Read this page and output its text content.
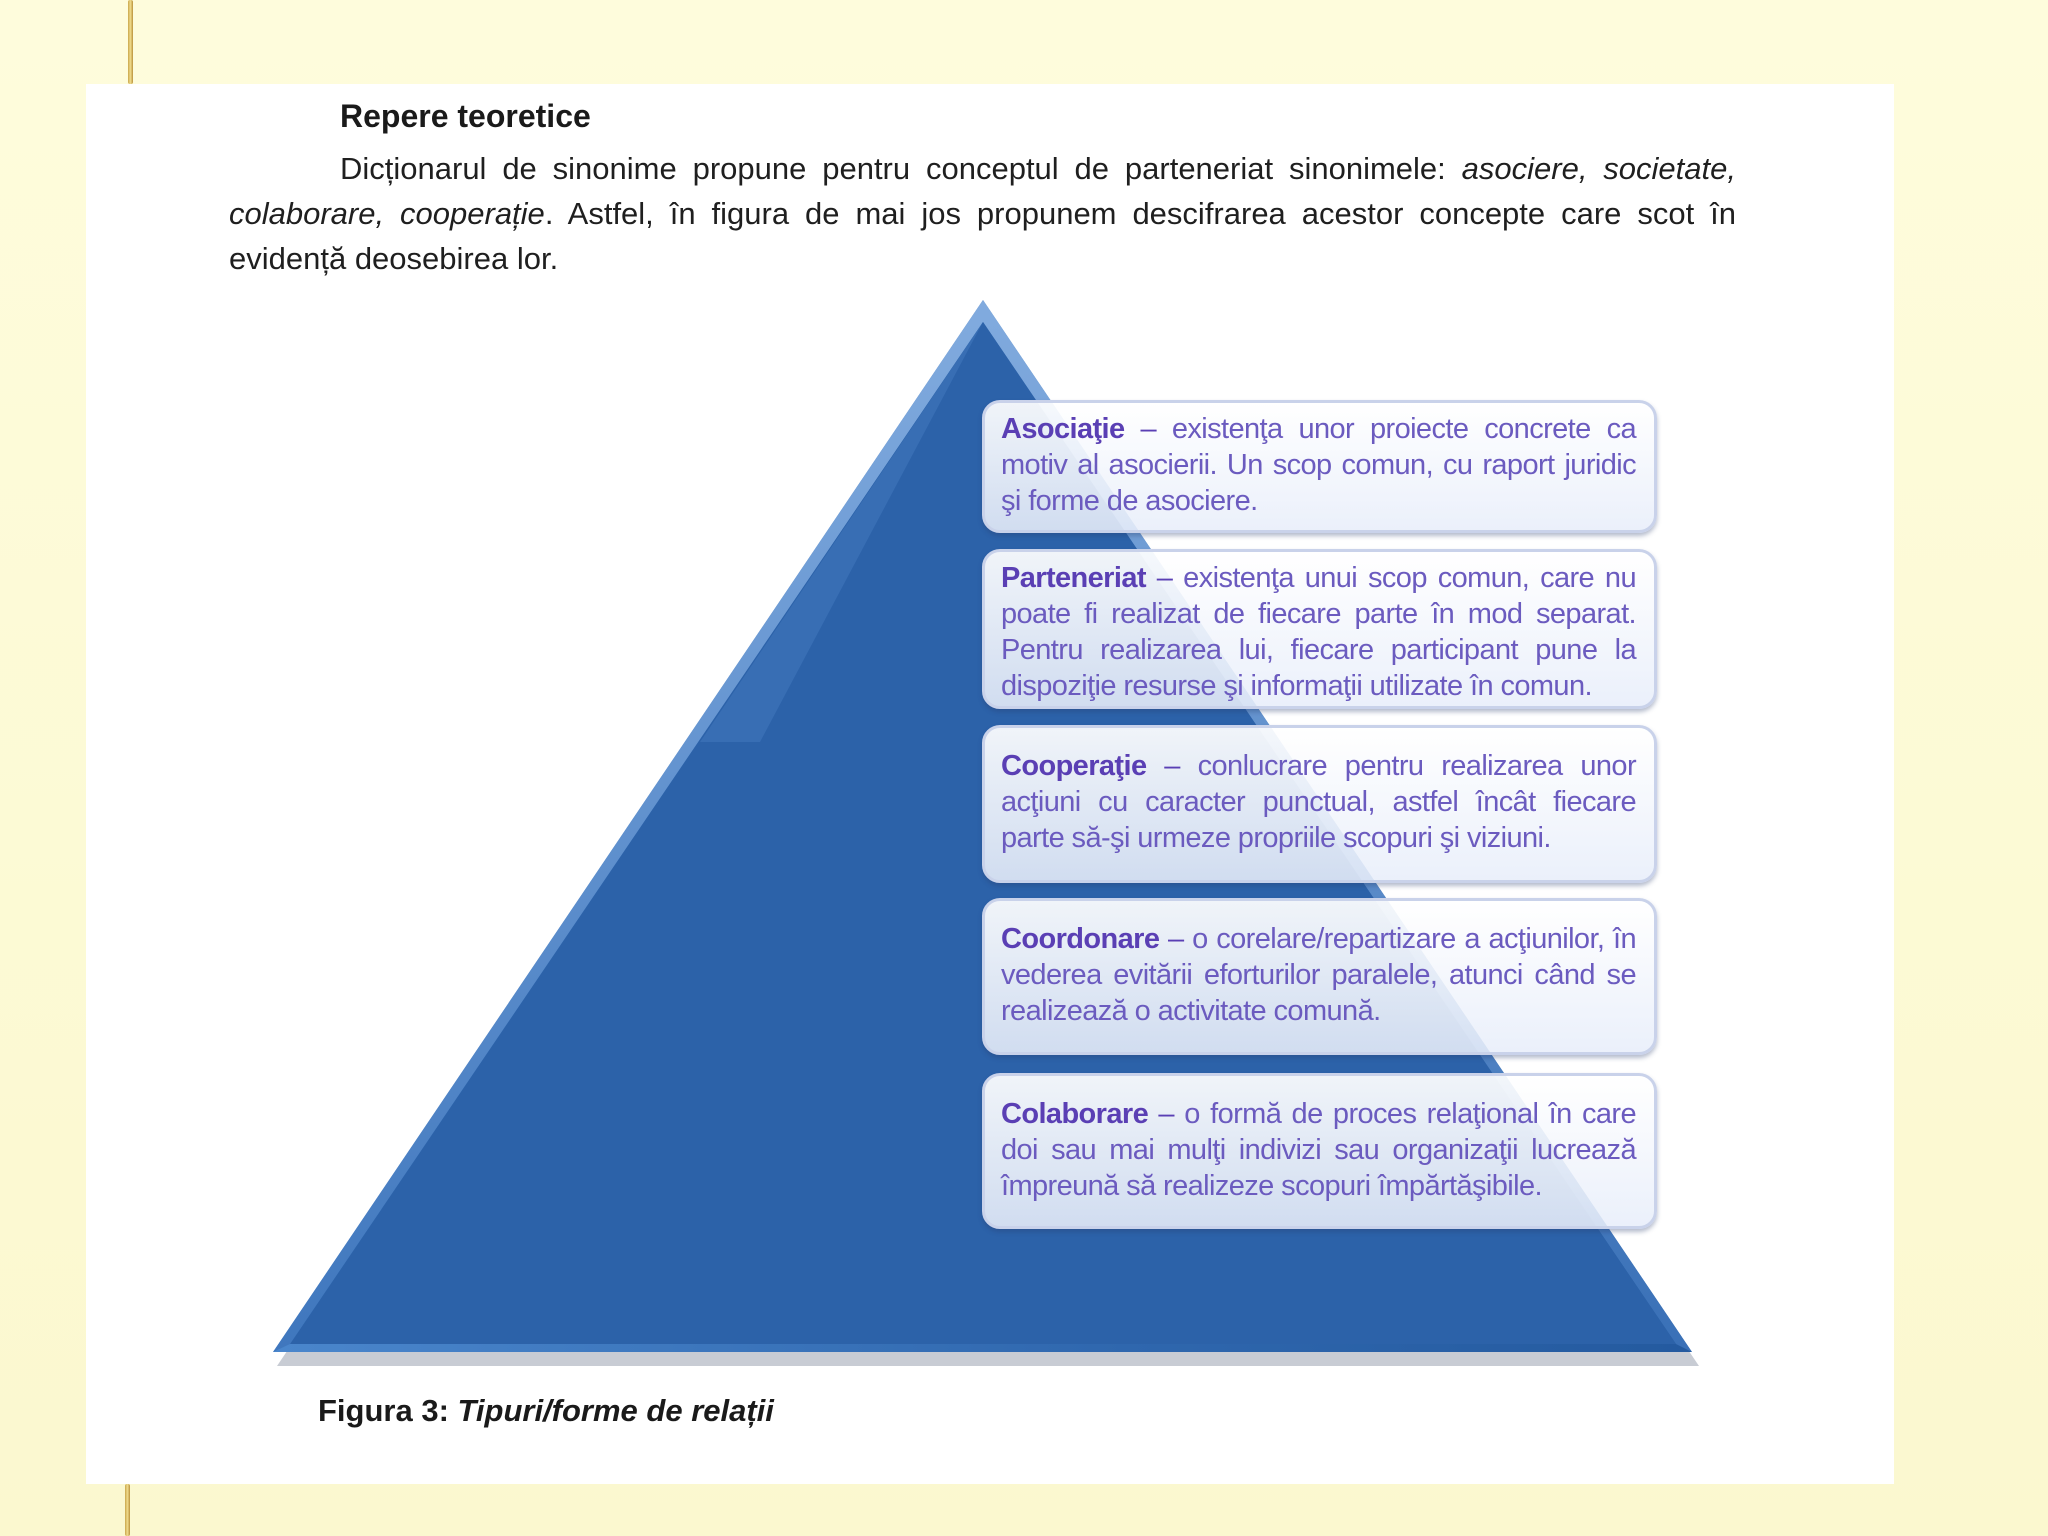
Repere teoretice
Dicționarul de sinonime propune pentru conceptul de parteneriat sinonimele: asociere, societate, colaborare, cooperație. Astfel, în figura de mai jos propunem descifrarea acestor concepte care scot în evidență deosebirea lor.
Asociaţie – existenţa unor proiecte concrete ca motiv al asocierii. Un scop comun, cu raport juridic şi forme de asociere.
Parteneriat – existenţa unui scop comun, care nu poate fi realizat de fiecare parte în mod separat. Pentru realizarea lui, fiecare participant pune la dispoziţie resurse şi informaţii utilizate în comun.
Cooperaţie – conlucrare pentru realizarea unor acţiuni cu caracter punctual, astfel încât fiecare parte să-şi urmeze propriile scopuri şi viziuni.
Coordonare – o corelare/repartizare a acţiunilor, în vederea evitării eforturilor paralele, atunci când se realizează o activitate comună.
Colaborare – o formă de proces relaţional în care doi sau mai mulţi indivizi sau organizaţii lucrează împreună să realizeze scopuri împărtăşibile.
Figura 3: Tipuri/forme de relații
